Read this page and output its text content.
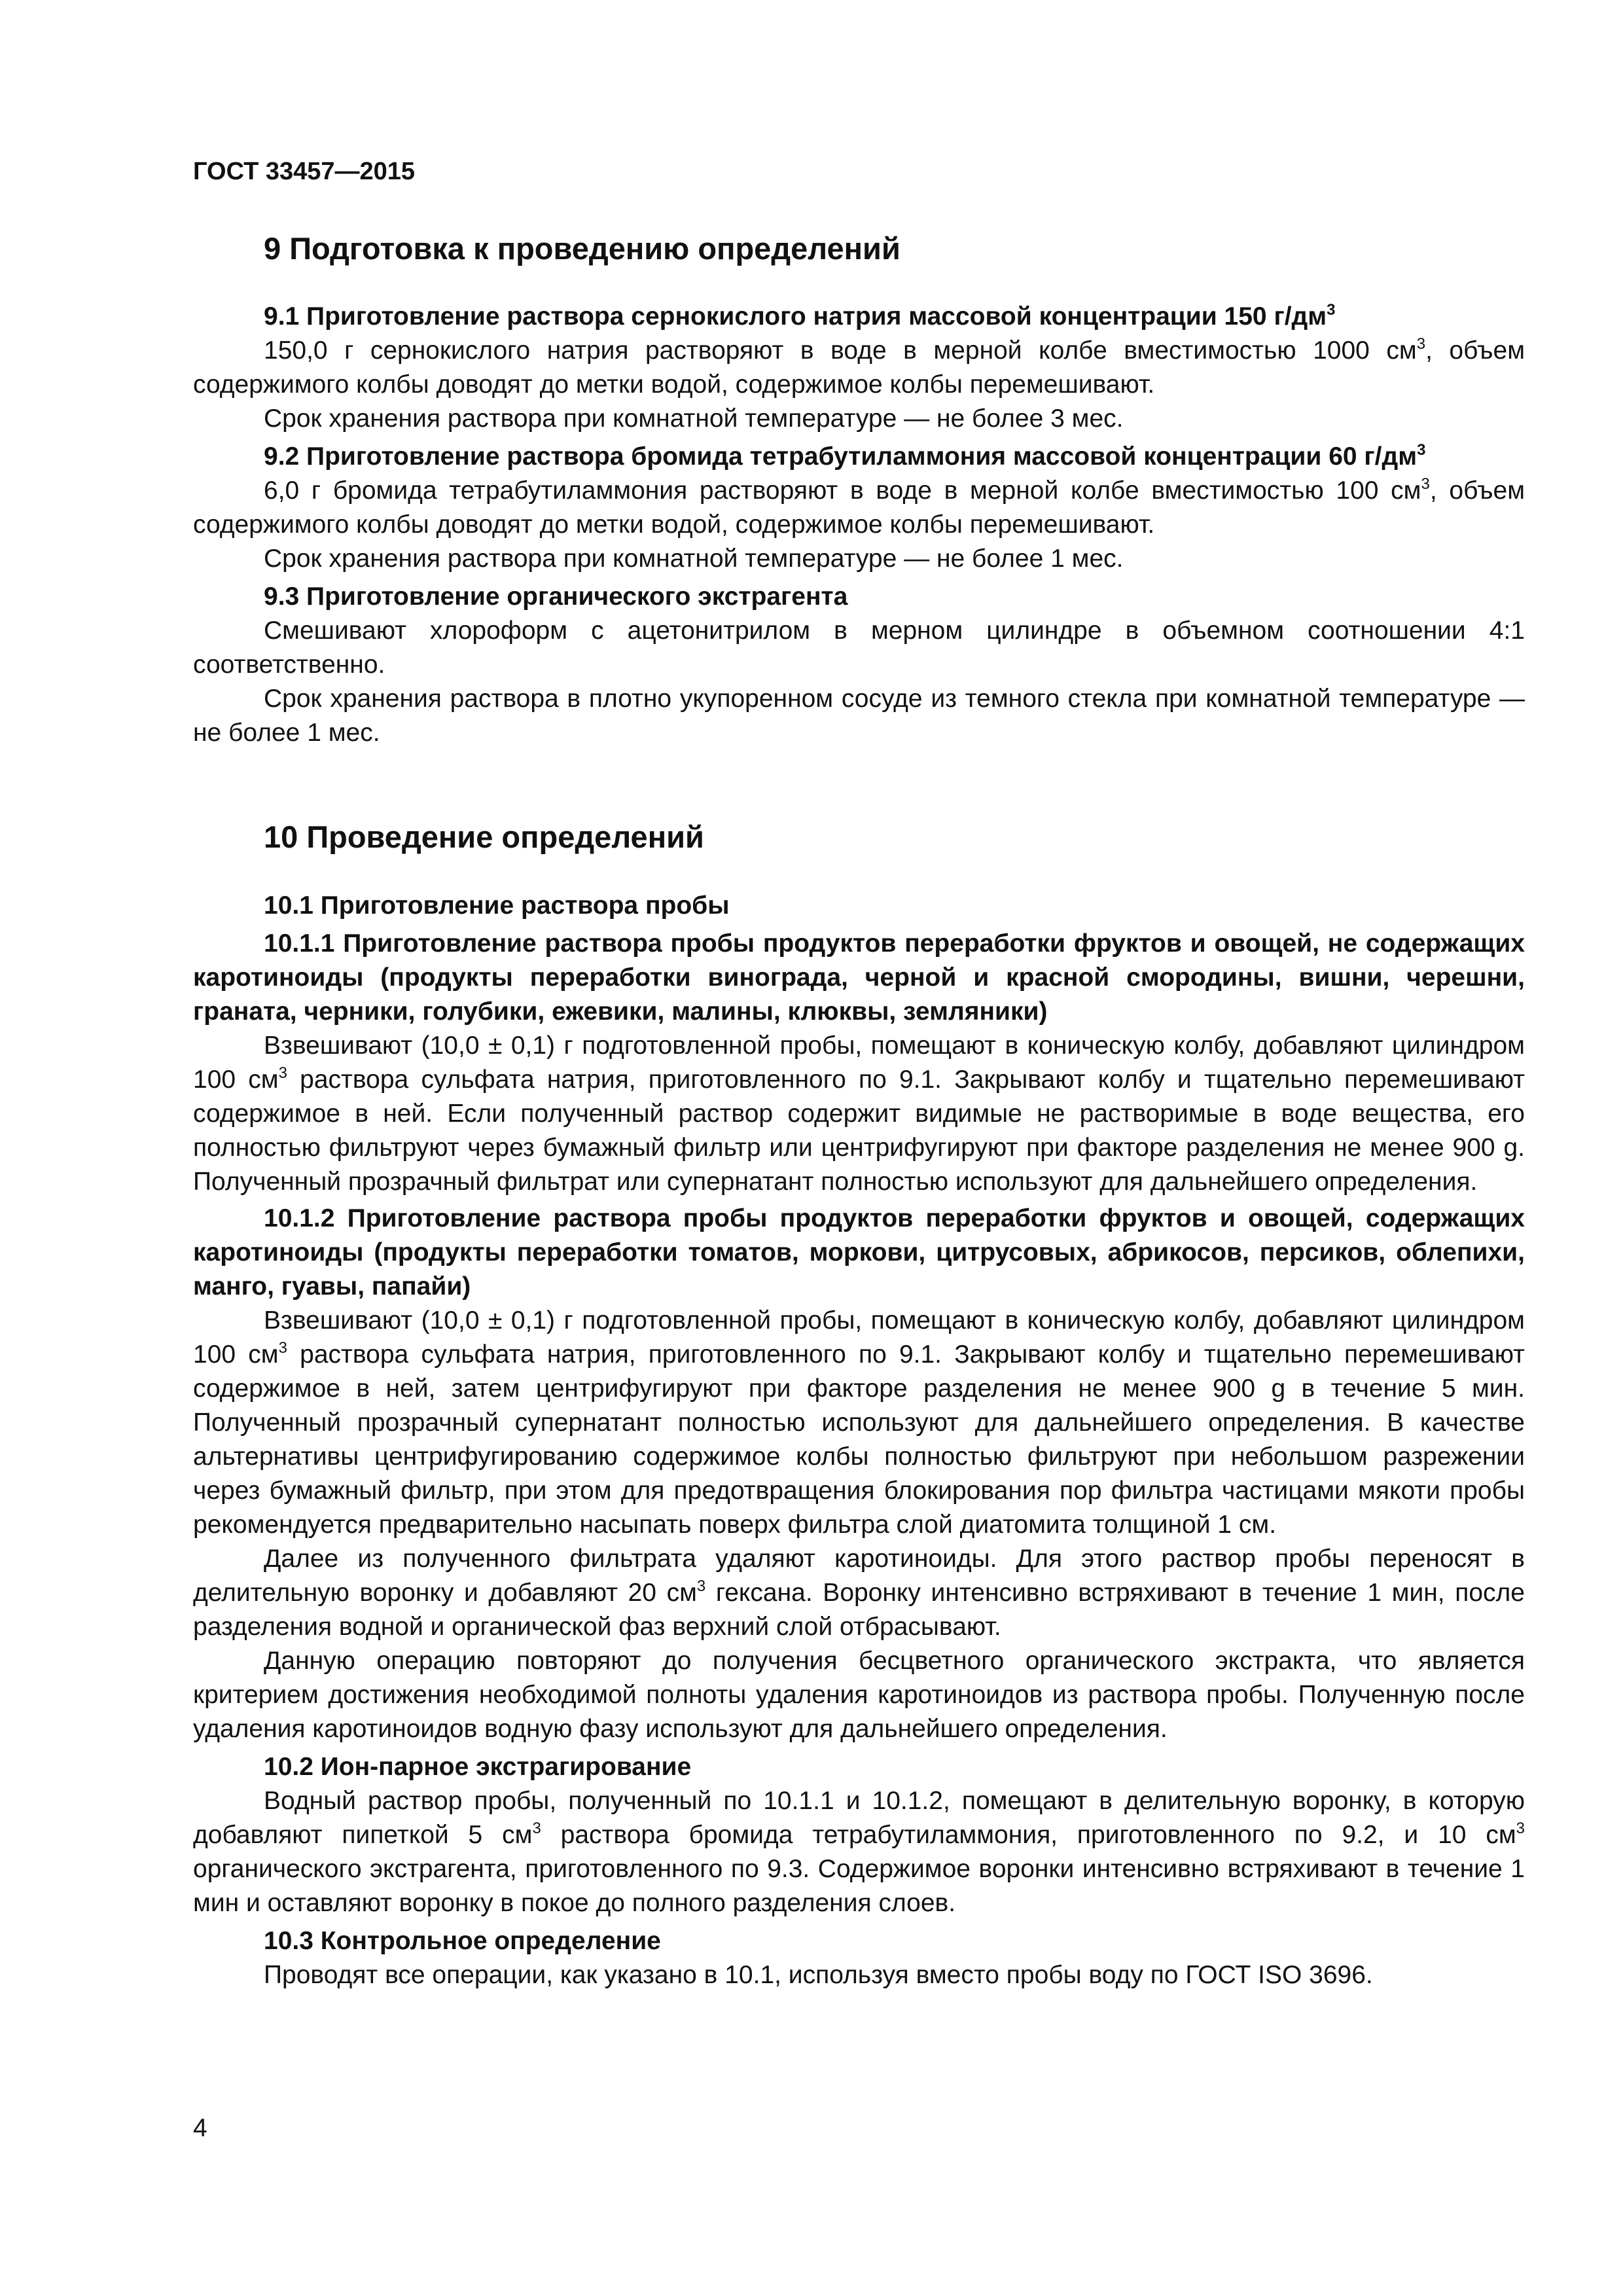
ГОСТ 33457—2015
9 Подготовка к проведению определений

9.1 Приготовление раствора сернокислого натрия массовой концентрации 150 $г/дм^3$

150,0 г сернокислого натрия растворяют в воде в мерной колбе вместимостью 1000 $см^3$, объем содержимого колбы доводят до метки водой, содержимое колбы перемешивают.

Срок хранения раствора при комнатной температуре — не более 3 мес.

9.2 Приготовление раствора бромида тетрабутиламмония массовой концентрации 60 $г/дм^3$

6,0 г бромида тетрабутиламмония растворяют в воде в мерной колбе вместимостью 100 $см^3$, объем содержимого колбы доводят до метки водой, содержимое колбы перемешивают.

Срок хранения раствора при комнатной температуре — не более 1 мес.

9.3 Приготовление органического экстрагента

Смешивают хлороформ с ацетонитрилом в мерном цилиндре в объемном соотношении 4:1 соответственно.

Срок хранения раствора в плотно укупоренном сосуде из темного стекла при комнатной температуре — не более 1 мес.

10 Проведение определений

10.1 Приготовление раствора пробы

10.1.1 Приготовление раствора пробы продуктов переработки фруктов и овощей, не содержащих каротиноиды (продукты переработки винограда, черной и красной смородины, вишни, черешни, граната, черники, голубики, ежевики, малины, клюквы, земляники)

Взвешивают (10,0 ± 0,1) г подготовленной пробы, помещают в коническую колбу, добавляют цилиндром 100 $см^3$ раствора сульфата натрия, приготовленного по 9.1. Закрывают колбу и тщательно перемешивают содержимое в ней. Если полученный раствор содержит видимые не растворимые в воде вещества, его полностью фильтруют через бумажный фильтр или центрифугируют при факторе разделения не менее 900 g. Полученный прозрачный фильтрат или супернатант полностью используют для дальнейшего определения.

10.1.2 Приготовление раствора пробы продуктов переработки фруктов и овощей, содержащих каротиноиды (продукты переработки томатов, моркови, цитрусовых, абрикосов, персиков, облепихи, манго, гуавы, папайи)

Взвешивают (10,0 ± 0,1) г подготовленной пробы, помещают в коническую колбу, добавляют цилиндром 100 $см^3$ раствора сульфата натрия, приготовленного по 9.1. Закрывают колбу и тщательно перемешивают содержимое в ней, затем центрифугируют при факторе разделения не менее 900 g в течение 5 мин. Полученный прозрачный супернатант полностью используют для дальнейшего определения. В качестве альтернативы центрифугированию содержимое колбы полностью фильтруют при небольшом разрежении через бумажный фильтр, при этом для предотвращения блокирования пор фильтра частицами мякоти пробы рекомендуется предварительно насыпать поверх фильтра слой диатомита толщиной 1 см.

Далее из полученного фильтрата удаляют каротиноиды. Для этого раствор пробы переносят в делительную воронку и добавляют 20 $см^3$ гексана. Воронку интенсивно встряхивают в течение 1 мин, после разделения водной и органической фаз верхний слой отбрасывают.

Данную операцию повторяют до получения бесцветного органического экстракта, что является критерием достижения необходимой полноты удаления каротиноидов из раствора пробы. Полученную после удаления каротиноидов водную фазу используют для дальнейшего определения.

10.2 Ион-парное экстрагирование

Водный раствор пробы, полученный по 10.1.1 и 10.1.2, помещают в делительную воронку, в которую добавляют пипеткой 5 $см^3$ раствора бромида тетрабутиламмония, приготовленного по 9.2, и 10 $см^3$ органического экстрагента, приготовленного по 9.3. Содержимое воронки интенсивно встряхивают в течение 1 мин и оставляют воронку в покое до полного разделения слоев.

10.3 Контрольное определение

Проводят все операции, как указано в 10.1, используя вместо пробы воду по ГОСТ ISO 3696.

4
